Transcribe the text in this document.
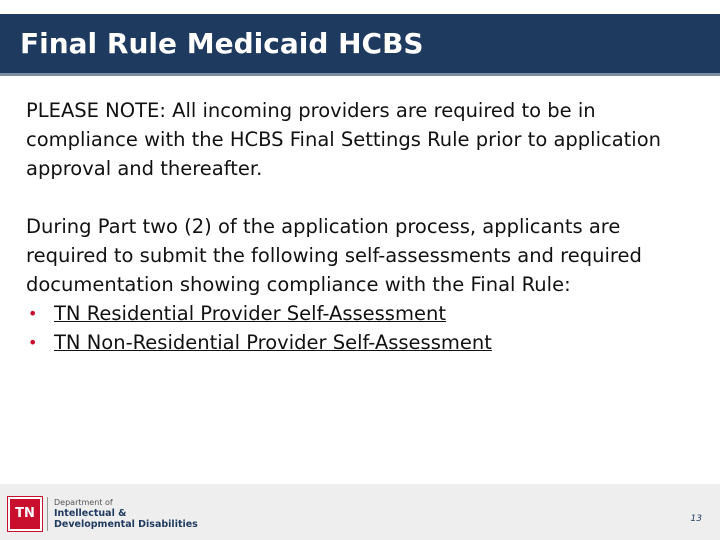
Final Rule Medicaid HCBS

PLEASE NOTE: All incoming providers are required to be in compliance with the HCBS Final Settings Rule prior to application approval and thereafter.

During Part two (2) of the application process, applicants are required to submit the following self-assessments and required documentation showing compliance with the Final Rule:

• TN Residential Provider Self-Assessment
• TN Non-Residential Provider Self-Assessment
TN
Department of
Intellectual &
Developmental Disabilities	13
